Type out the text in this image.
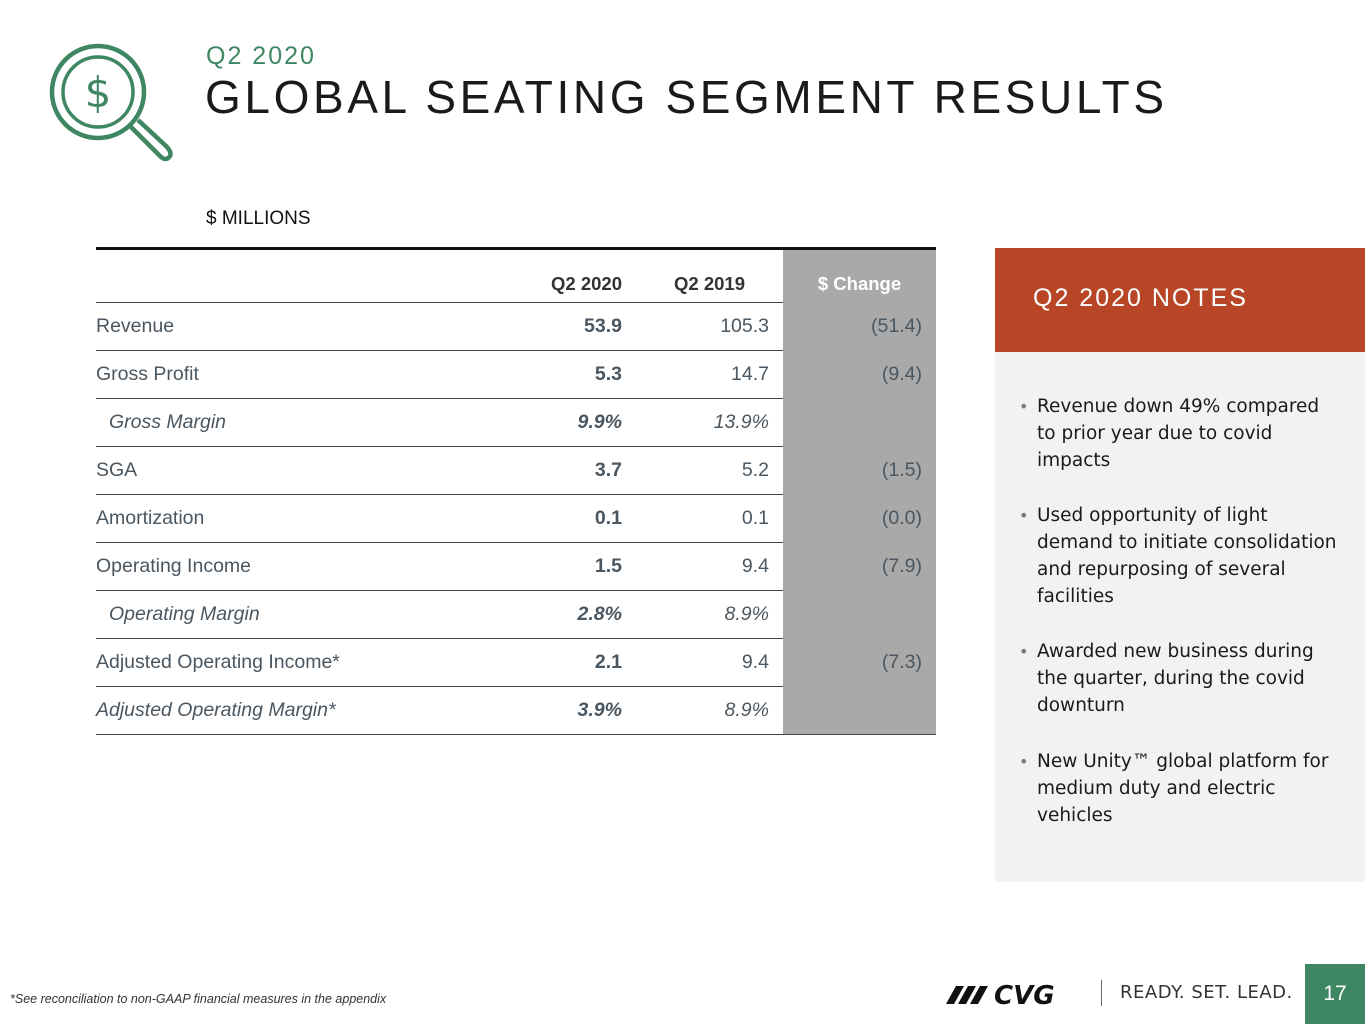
$
Q2 2020
GLOBAL SEATING SEGMENT RESULTS
$ MILLIONS
Q2 2020	Q2 2019	$ Change
Revenue	53.9	105.3	(51.4)
Gross Profit	5.3	14.7	(9.4)
Gross Margin	9.9%	13.9%
SGA	3.7	5.2	(1.5)
Amortization	0.1	0.1	(0.0)
Operating Income	1.5	9.4	(7.9)
Operating Margin	2.8%	8.9%
Adjusted Operating Income*	2.1	9.4	(7.3)
Adjusted Operating Margin*	3.9%	8.9%
Q2 2020 NOTES
• Revenue down 49% compared to prior year due to covid impacts
• Used opportunity of light demand to initiate consolidation and repurposing of several facilities
• Awarded new business during the quarter, during the covid downturn
• New Unity™ global platform for medium duty and electric vehicles
*See reconciliation to non-GAAP financial measures in the appendix	CVG	READY. SET. LEAD.	17
